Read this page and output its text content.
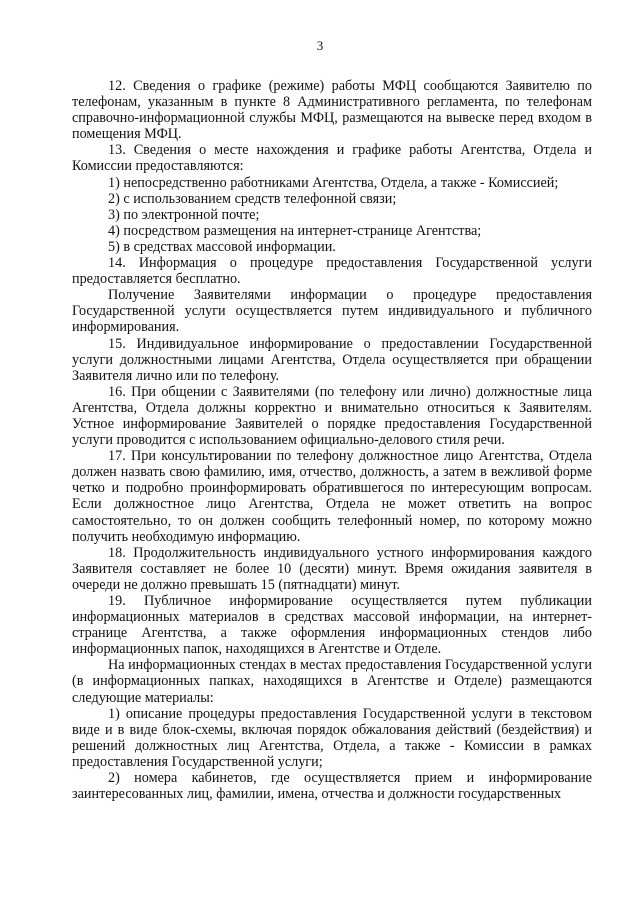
3

12. Сведения о графике (режиме) работы МФЦ сообщаются Заявителю по телефонам, указанным в пункте 8 Административного регламента, по телефонам справочно-информационной службы МФЦ, размещаются на вывеске перед входом в помещения МФЦ.

13. Сведения о месте нахождения и графике работы Агентства, Отдела и Комиссии предоставляются:

1) непосредственно работниками Агентства, Отдела, а также - Комиссией;

2) с использованием средств телефонной связи;

3) по электронной почте;

4) посредством размещения на интернет-странице Агентства;

5) в средствах массовой информации.

14. Информация о процедуре предоставления Государственной услуги предоставляется бесплатно.

Получение Заявителями информации о процедуре предоставления Государственной услуги осуществляется путем индивидуального и публичного информирования.

15. Индивидуальное информирование о предоставлении Государственной услуги должностными лицами Агентства, Отдела осуществляется при обращении Заявителя лично или по телефону.

16. При общении с Заявителями (по телефону или лично) должностные лица Агентства, Отдела должны корректно и внимательно относиться к Заявителям. Устное информирование Заявителей о порядке предоставления Государственной услуги проводится с использованием официально-делового стиля речи.

17. При консультировании по телефону должностное лицо Агентства, Отдела должен назвать свою фамилию, имя, отчество, должность, а затем в вежливой форме четко и подробно проинформировать обратившегося по интересующим вопросам. Если должностное лицо Агентства, Отдела не может ответить на вопрос самостоятельно, то он должен сообщить телефонный номер, по которому можно получить необходимую информацию.

18. Продолжительность индивидуального устного информирования каждого Заявителя составляет не более 10 (десяти) минут. Время ожидания заявителя в очереди не должно превышать 15 (пятнадцати) минут.

19. Публичное информирование осуществляется путем публикации информационных материалов в средствах массовой информации, на интернет-странице Агентства, а также оформления информационных стендов либо информационных папок, находящихся в Агентстве и Отделе.

На информационных стендах в местах предоставления Государственной услуги (в информационных папках, находящихся в Агентстве и Отделе) размещаются следующие материалы:

1) описание процедуры предоставления Государственной услуги в текстовом виде и в виде блок-схемы, включая порядок обжалования действий (бездействия) и решений должностных лиц Агентства, Отдела, а также - Комиссии в рамках предоставления Государственной услуги;

2) номера кабинетов, где осуществляется прием и информирование заинтересованных лиц, фамилии, имена, отчества и должности государственных
